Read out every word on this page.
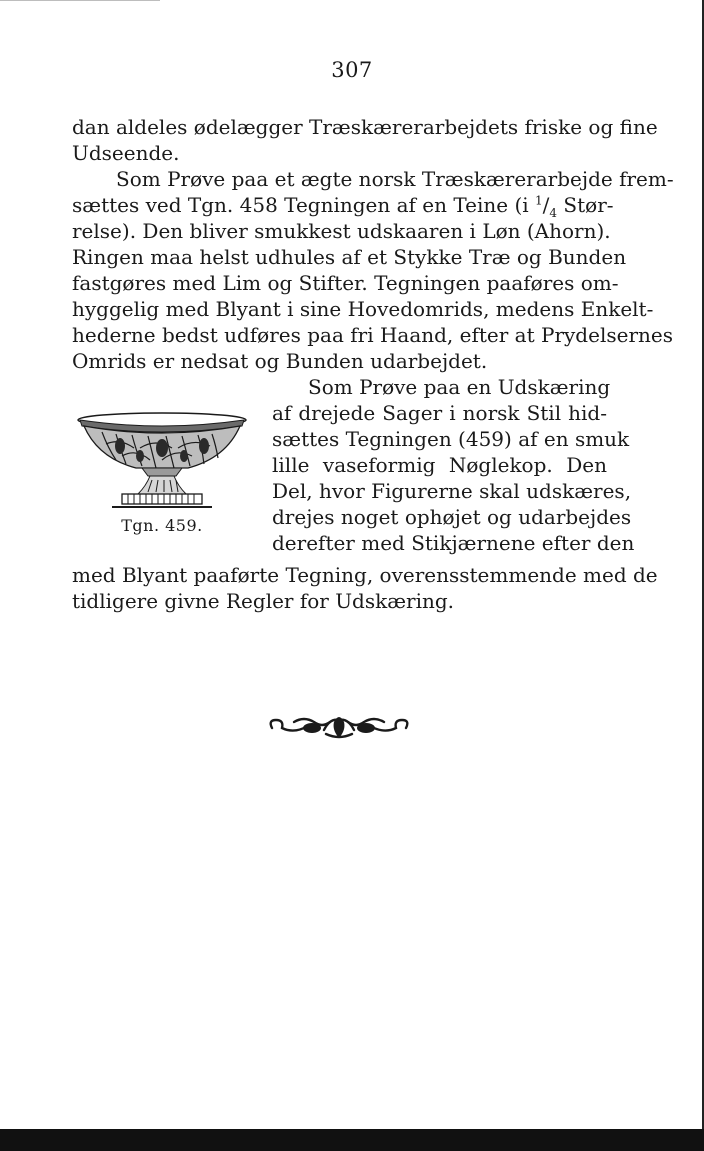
307
dan aldeles ødelægger Træskærerarbejdets friske og fine
Udseende.
Som Prøve paa et ægte norsk Træskærerarbejde frem-
sættes ved Tgn. 458 Tegningen af en Teine (i $^1/_4$ Stør-
relse). Den bliver smukkest udskaaren i Løn (Ahorn).
Ringen maa helst udhules af et Stykke Træ og Bunden
fastgøres med Lim og Stifter. Tegningen paaføres om-
hyggelig med Blyant i sine Hovedomrids, medens Enkelt-
hederne bedst udføres paa fri Haand, efter at Prydelsernes
Omrids er nedsat og Bunden udarbejdet.
Som Prøve paa en Udskæring
af drejede Sager i norsk Stil hid-
sættes Tegningen (459) af en smuk
lille vaseformig Nøglekop. Den
Del, hvor Figurerne skal udskæres,
drejes noget ophøjet og udarbejdes
derefter med Stikjærnene efter den
med Blyant paaførte Tegning, overensstemmende med de
tidligere givne Regler for Udskæring.
Tgn. 459.
